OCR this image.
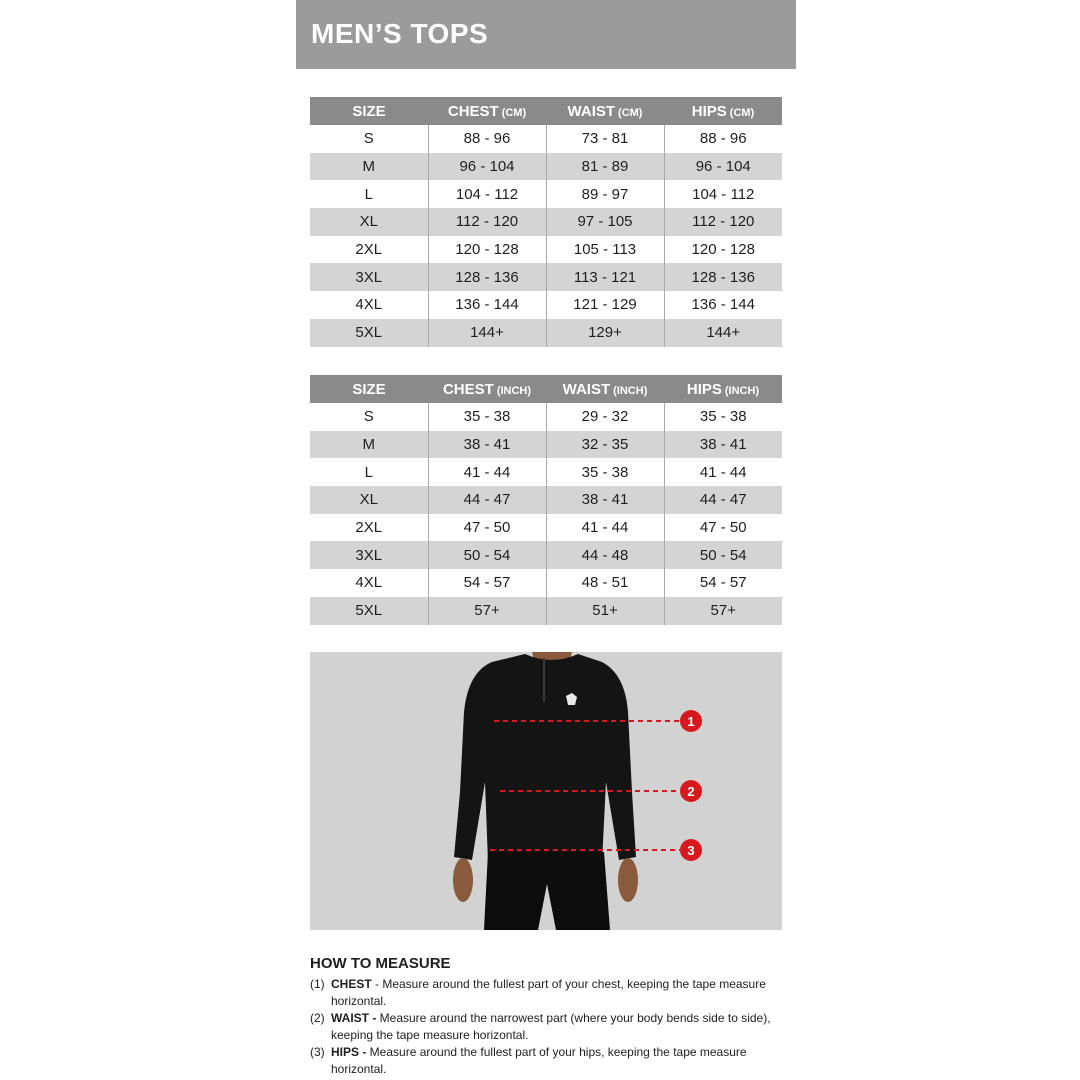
MEN’S TOPS
SIZE	CHEST (CM)	WAIST (CM)	HIPS (CM)
S	88 - 96	73 - 81	88 - 96
M	96 - 104	81 - 89	96 - 104
L	104 - 112	89 - 97	104 - 112
XL	112 - 120	97 - 105	112 - 120
2XL	120 - 128	105 - 113	120 - 128
3XL	128 - 136	113 - 121	128 - 136
4XL	136 - 144	121 - 129	136 - 144
5XL	144+	129+	144+
SIZE	CHEST (INCH)	WAIST (INCH)	HIPS (INCH)
S	35 - 38	29 - 32	35 - 38
M	38 - 41	32 - 35	38 - 41
L	41 - 44	35 - 38	41 - 44
XL	44 - 47	38 - 41	44 - 47
2XL	47 - 50	41 - 44	47 - 50
3XL	50 - 54	44 - 48	50 - 54
4XL	54 - 57	48 - 51	54 - 57
5XL	57+	51+	57+
1
2
3
HOW TO MEASURE
(1) CHEST - Measure around the fullest part of your chest, keeping the tape measure horizontal.
(2) WAIST - Measure around the narrowest part (where your body bends side to side), keeping the tape measure horizontal.
(3) HIPS - Measure around the fullest part of your hips, keeping the tape measure horizontal.
